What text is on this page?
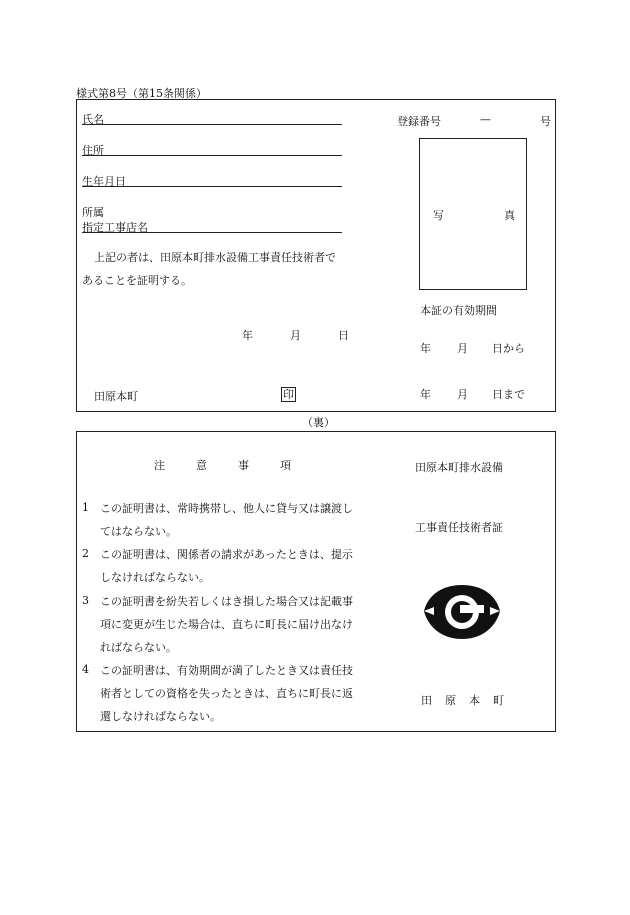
様式第8号（第15条関係）
氏名
住所
生年月日
所属
指定工事店名
上記の者は、田原本町排水設備工事責任技術者で
あることを証明する。
年	月	日
田原本町	印
登録番号	—	号
写	真
本証の有効期間
年 月 日から
年 月 日まで
（裏）
注	意	事	項
1 この証明書は、常時携帯し、他人に貸与又は譲渡してはならない。
2 この証明書は、関係者の請求があったときは、提示しなければならない。
3 この証明書を紛失若しくはき損した場合又は記載事項に変更が生じた場合は、直ちに町長に届け出なければならない。
4 この証明書は、有効期間が満了したとき又は責任技術者としての資格を失ったときは、直ちに町長に返還しなければならない。
田原本町排水設備
工事責任技術者証
田　原　本　町
